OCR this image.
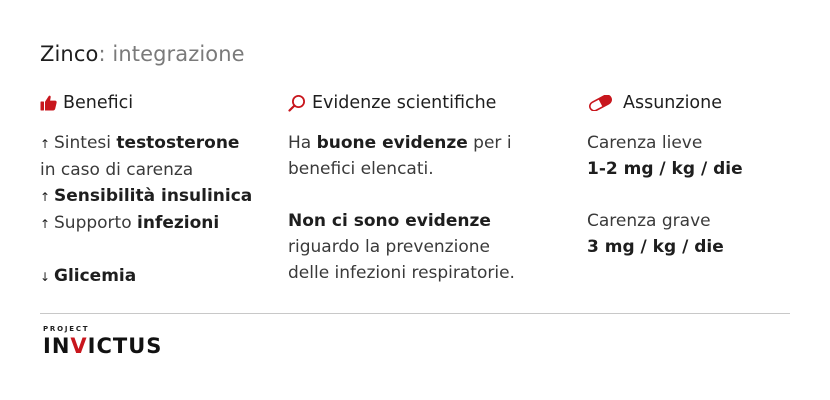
Zinco: integrazione
Benefici
↑ Sintesi testosterone
in caso di carenza
↑ Sensibilità insulinica
↑ Supporto infezioni
↓ Glicemia
Evidenze scientifiche
Ha buone evidenze per i
benefici elencati.
Non ci sono evidenze
riguardo la prevenzione
delle infezioni respiratorie.
Assunzione
Carenza lieve
1-2 mg / kg / die
Carenza grave
3 mg / kg / die
PROJECT
INVICTUS
